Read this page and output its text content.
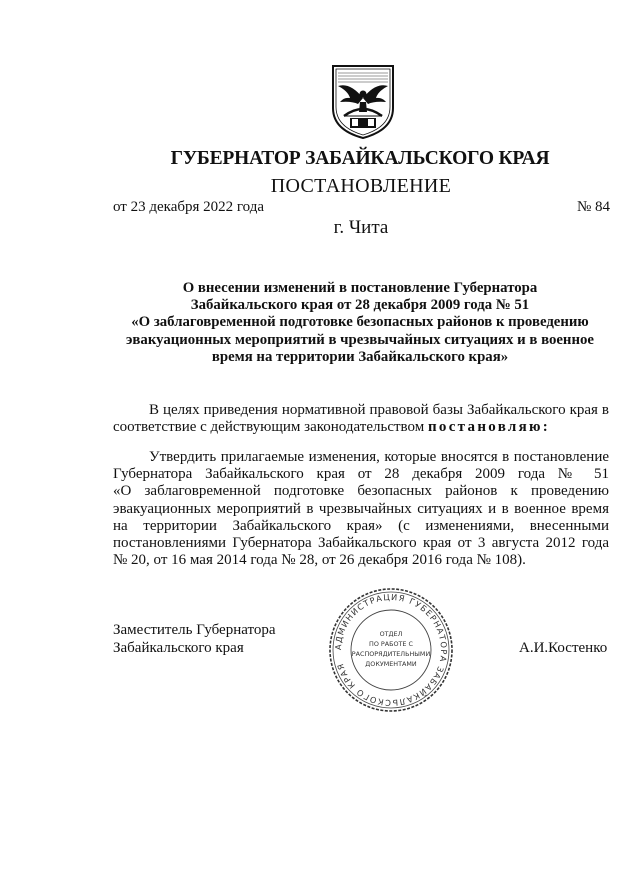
ГУБЕРНАТОР ЗАБАЙКАЛЬСКОГО КРАЯ
ПОСТАНОВЛЕНИЕ
от 23 декабря 2022 года	№ 84
г. Чита
О внесении изменений в постановление Губернатора
Забайкальского края от 28 декабря 2009 года № 51
«О заблаговременной подготовке безопасных районов к проведению
эвакуационных мероприятий в чрезвычайных ситуациях и в военное
время на территории Забайкальского края»
В целях приведения нормативной правовой базы Забайкальского края в
соответствие с действующим законодательством постановляю:
Утвердить прилагаемые изменения, которые вносятся в постановление
Губернатора Забайкальского края от 28 декабря 2009 года № 51
«О заблаговременной подготовке безопасных районов к проведению
эвакуационных мероприятий в чрезвычайных ситуациях и в военное время
на территории Забайкальского края» (с изменениями, внесенными
постановлениями Губернатора Забайкальского края от 3 августа 2012 года
№ 20, от 16 мая 2014 года № 28, от 26 декабря 2016 года № 108).
Заместитель Губернатора
Забайкальского края	А.И.Костенко
АДМИНИСТРАЦИЯ ГУБЕРНАТОРА ЗАБАЙКАЛЬСКОГО КРАЯ
ОТДЕЛ
ПО РАБОТЕ С
РАСПОРЯДИТЕЛЬНЫМИ
ДОКУМЕНТАМИ
